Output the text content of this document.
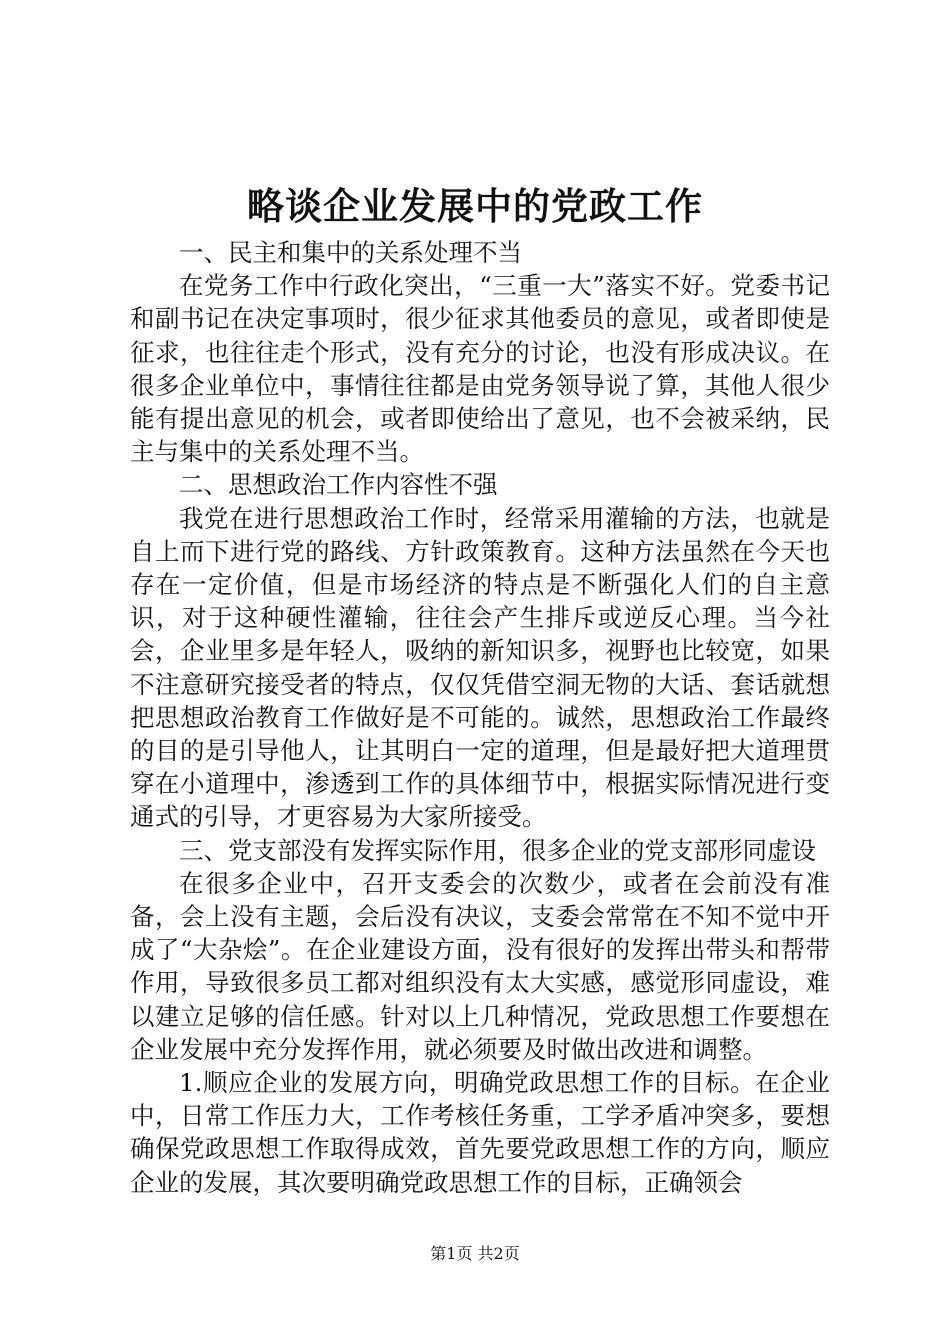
略谈企业发展中的党政工作

一、民主和集中的关系处理不当

在党务工作中行政化突出，“三重一大”落实不好。党委书记和副书记在决定事项时，很少征求其他委员的意见，或者即使是征求，也往往走个形式，没有充分的讨论，也没有形成决议。在很多企业单位中，事情往往都是由党务领导说了算，其他人很少能有提出意见的机会，或者即使给出了意见，也不会被采纳，民主与集中的关系处理不当。

二、思想政治工作内容性不强

我党在进行思想政治工作时，经常采用灌输的方法，也就是自上而下进行党的路线、方针政策教育。这种方法虽然在今天也存在一定价值，但是市场经济的特点是不断强化人们的自主意识，对于这种硬性灌输，往往会产生排斥或逆反心理。当今社会，企业里多是年轻人，吸纳的新知识多，视野也比较宽，如果不注意研究接受者的特点，仅仅凭借空洞无物的大话、套话就想把思想政治教育工作做好是不可能的。诚然，思想政治工作最终的目的是引导他人，让其明白一定的道理，但是最好把大道理贯穿在小道理中，渗透到工作的具体细节中，根据实际情况进行变通式的引导，才更容易为大家所接受。

三、党支部没有发挥实际作用，很多企业的党支部形同虚设

在很多企业中，召开支委会的次数少，或者在会前没有准备，会上没有主题，会后没有决议，支委会常常在不知不觉中开成了“大杂烩”。在企业建设方面，没有很好的发挥出带头和帮带作用，导致很多员工都对组织没有太大实感，感觉形同虚设，难以建立足够的信任感。针对以上几种情况，党政思想工作要想在企业发展中充分发挥作用，就必须要及时做出改进和调整。

1.顺应企业的发展方向，明确党政思想工作的目标。在企业中，日常工作压力大，工作考核任务重，工学矛盾冲突多，要想确保党政思想工作取得成效，首先要党政思想工作的方向，顺应企业的发展，其次要明确党政思想工作的目标，正确领会

第1页 共2页
